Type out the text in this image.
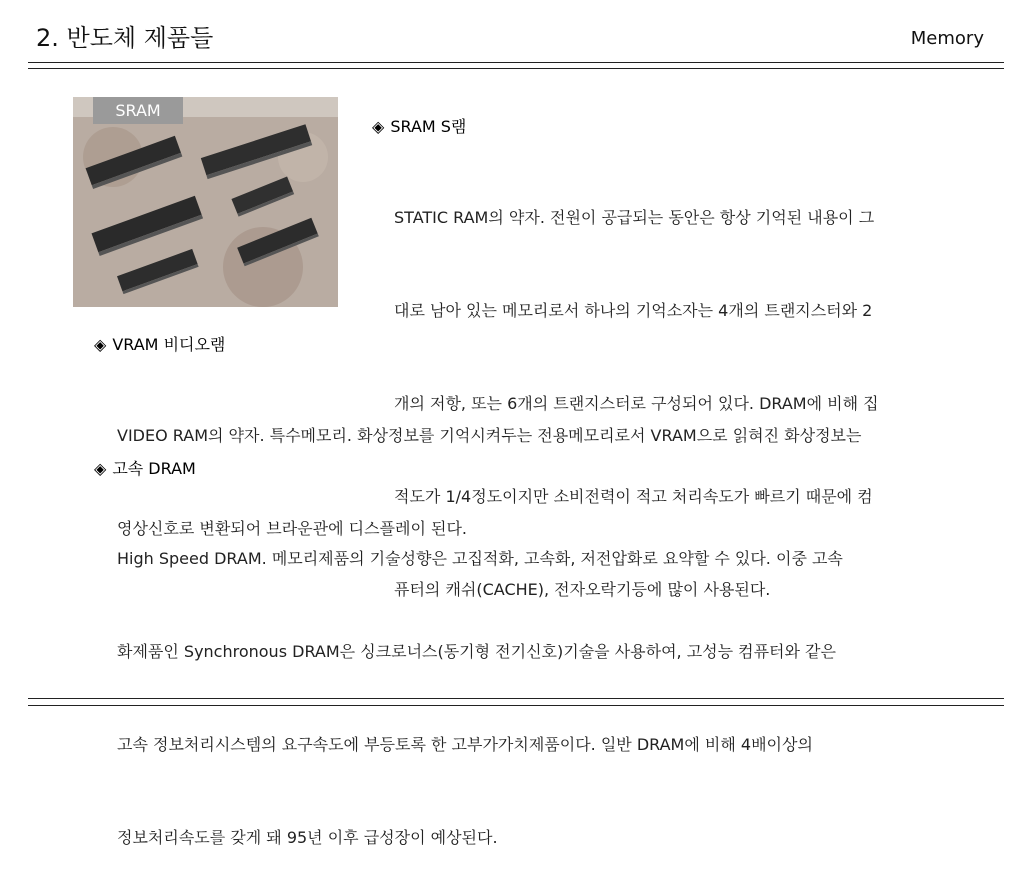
2. 반도체 제품들	Memory
SRAM
◈ SRAM S램

STATIC RAM의 약자. 전원이 공급되는 동안은 항상 기억된 내용이 그

대로 남아 있는 메모리로서 하나의 기억소자는 4개의 트랜지스터와 2

개의 저항, 또는 6개의 트랜지스터로 구성되어 있다. DRAM에 비해 집

적도가 1/4정도이지만 소비전력이 적고 처리속도가 빠르기 때문에 컴

퓨터의 캐쉬(CACHE), 전자오락기등에 많이 사용된다.

◈ VRAM 비디오램

VIDEO RAM의 약자. 특수메모리. 화상정보를 기억시켜두는 전용메모리로서 VRAM으로 읽혀진 화상정보는

영상신호로 변환되어 브라운관에 디스플레이 된다.

◈ 고속 DRAM

High Speed DRAM. 메모리제품의 기술성향은 고집적화, 고속화, 저전압화로 요약할 수 있다. 이중 고속

화제품인 Synchronous DRAM은 싱크로너스(동기형 전기신호)기술을 사용하여, 고성능 컴퓨터와 같은

고속 정보처리시스템의 요구속도에 부등토록 한 고부가가치제품이다. 일반 DRAM에 비해 4배이상의

정보처리속도를 갖게 돼 95년 이후 급성장이 예상된다.
